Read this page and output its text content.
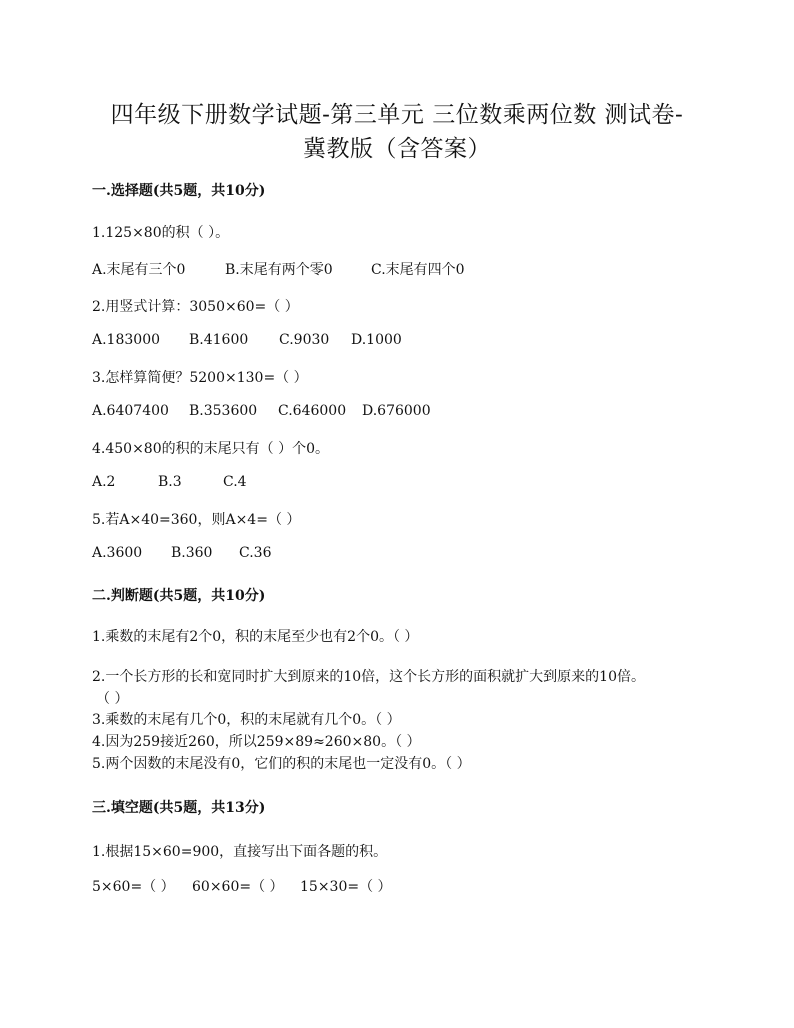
四年级下册数学试题-第三单元 三位数乘两位数 测试卷-
冀教版（含答案）
一.选择题(共5题，共10分)

1.125×80的积（ ）。

A.末尾有三个0	B.末尾有两个零0	C.末尾有四个0

2.用竖式计算：3050×60=（ ）

A.183000 B.41600 C.9030 D.1000

3.怎样算简便？5200×130=（ ）

A.6407400 B.353600 C.646000 D.676000

4.450×80的积的末尾只有（ ）个0。

A.2	B.3	C.4

5.若A×40=360，则A×4=（ ）

A.3600 B.360 C.36

二.判断题(共5题，共10分)

1.乘数的末尾有2个0，积的末尾至少也有2个0。（ ）

2.一个长方形的长和宽同时扩大到原来的10倍，这个长方形的面积就扩大到原来的10倍。

（ ）

3.乘数的末尾有几个0，积的末尾就有几个0。（ ）

4.因为259接近260，所以259×89≈260×80。（ ）

5.两个因数的末尾没有0，它们的积的末尾也一定没有0。（ ）

三.填空题(共5题，共13分)

1.根据15×60=900，直接写出下面各题的积。

5×60=（ ） 60×60=（ ） 15×30=（ ）
